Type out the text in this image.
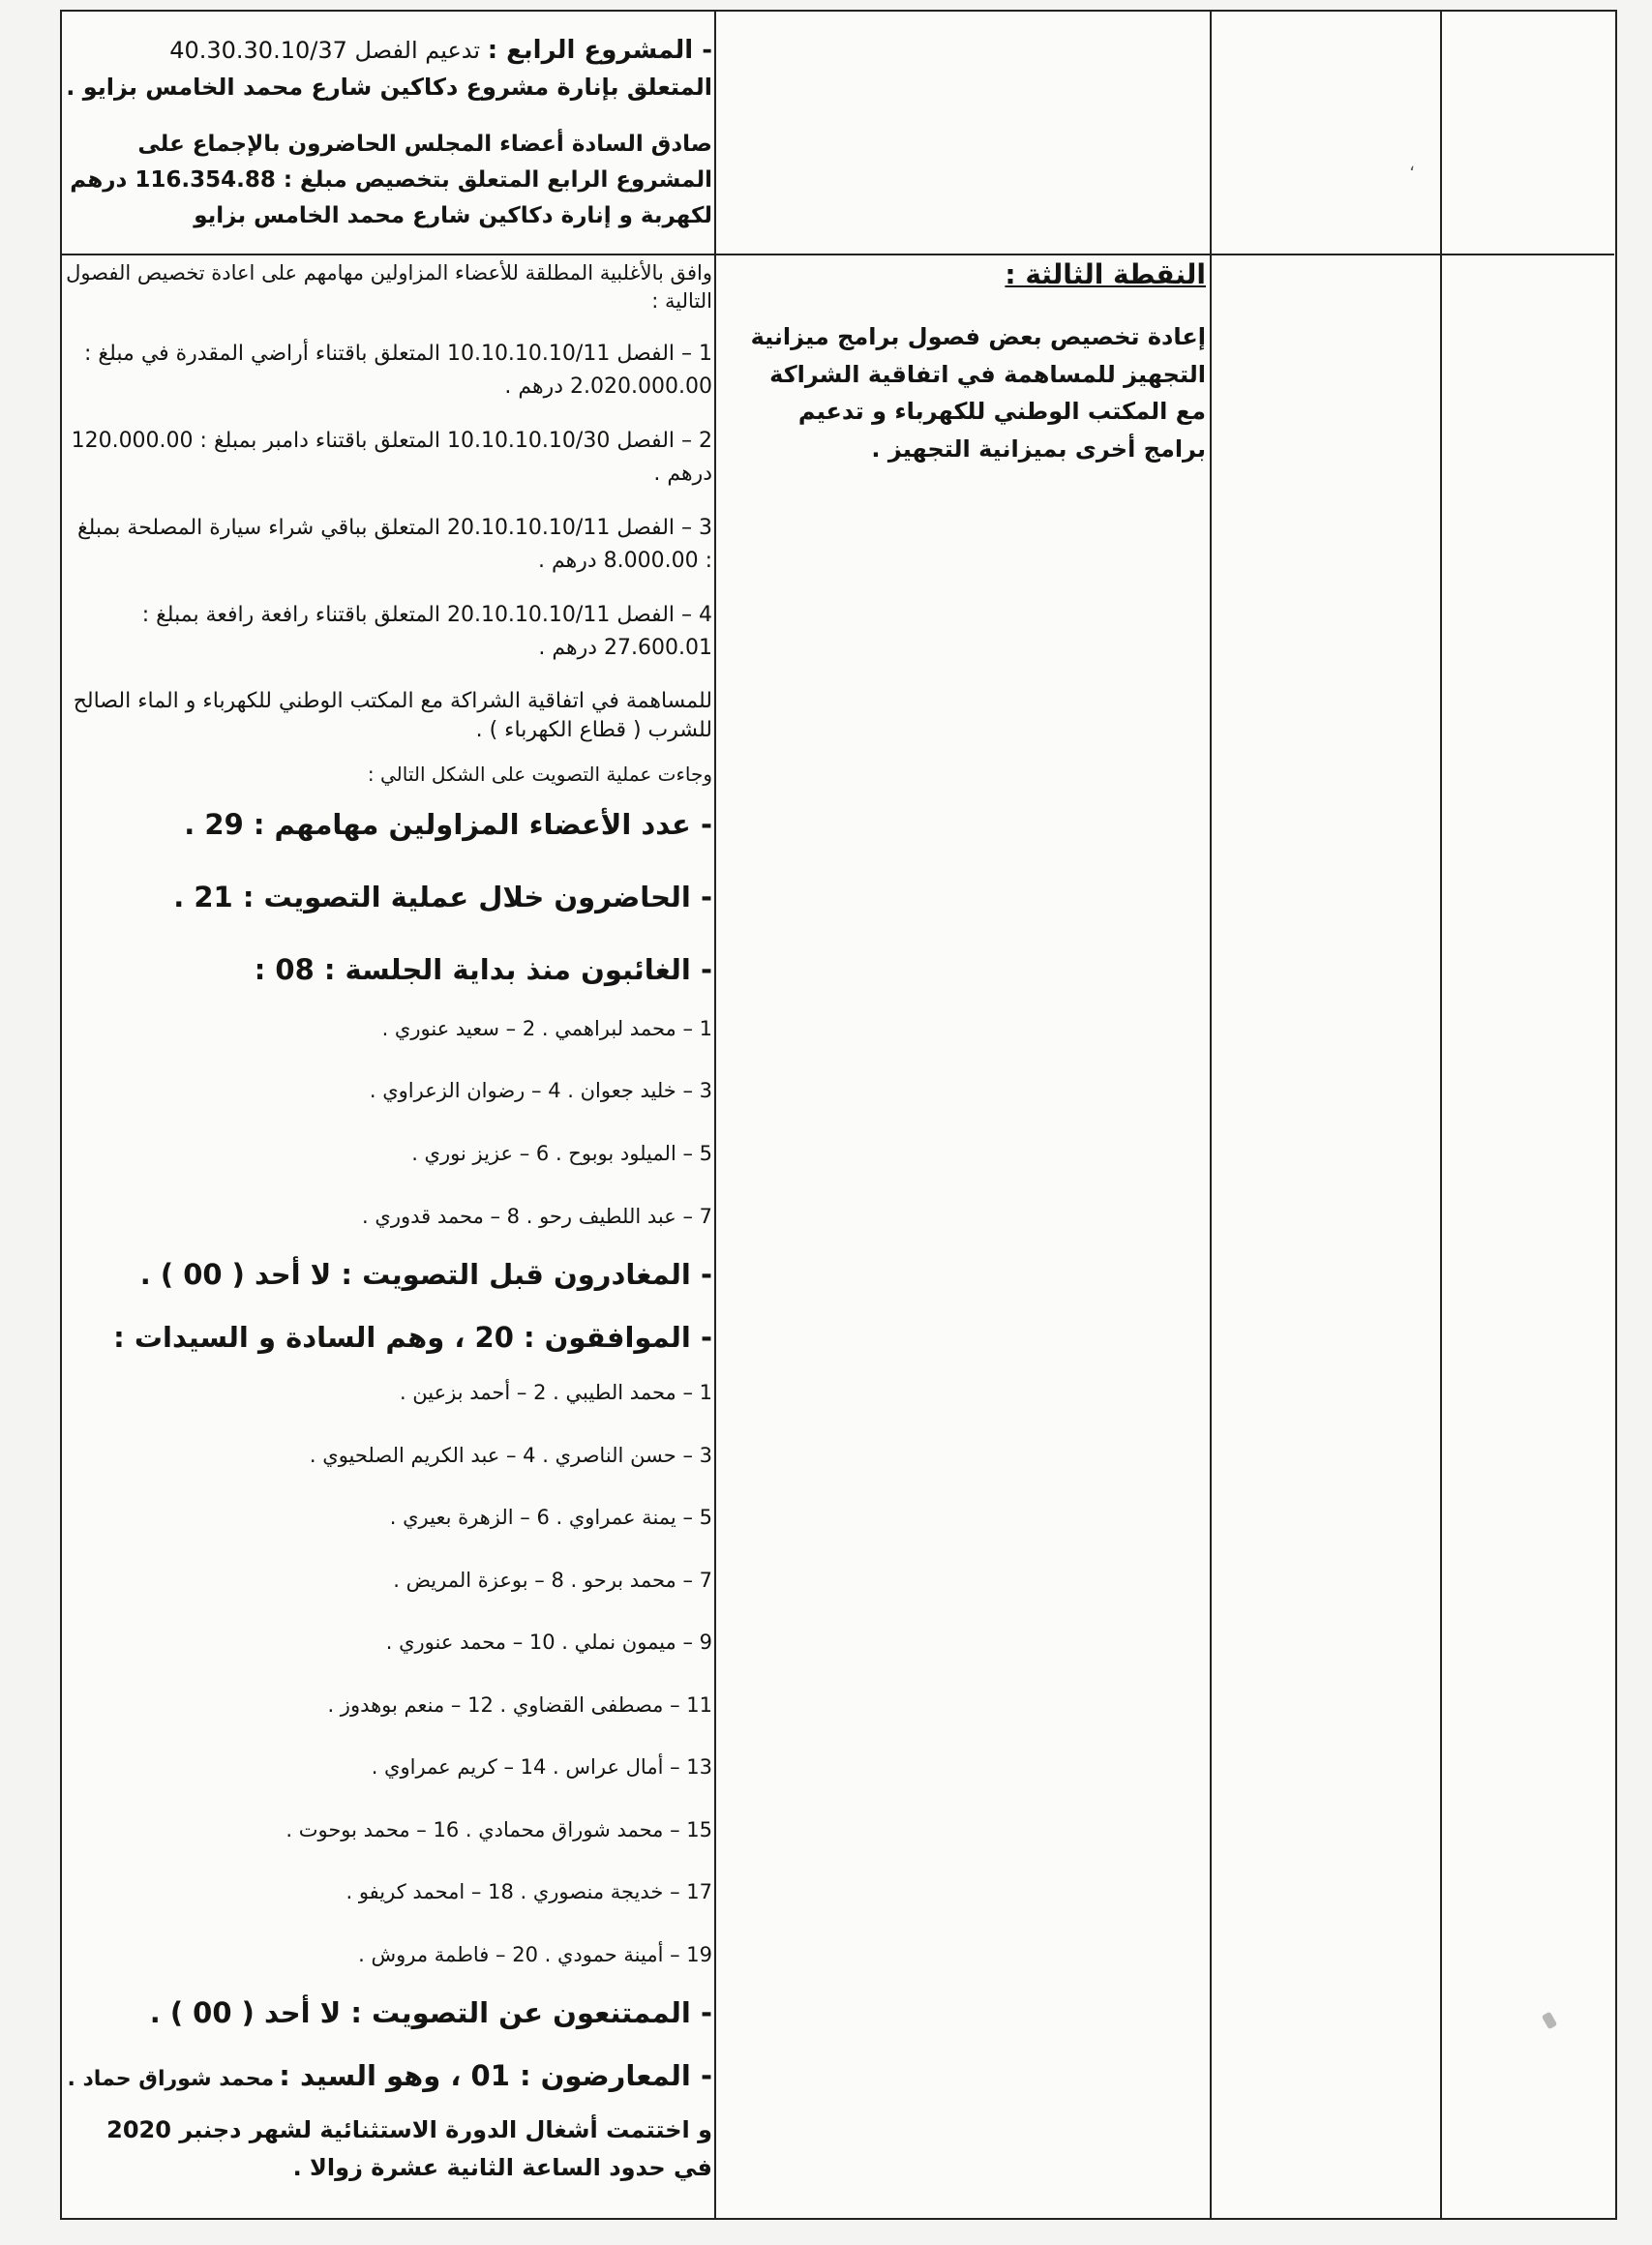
،

- المشروع الرابع : تدعيم الفصل 40.30.30.10/37
المتعلق بإنارة مشروع دكاكين شارع محمد الخامس بزايو .

صادق السادة أعضاء المجلس الحاضرون بالإجماع على المشروع الرابع المتعلق بتخصيص مبلغ : 116.354.88 درهم لكهربة و إنارة دكاكين شارع محمد الخامس بزايو

النقطة الثالثة :

إعادة تخصيص بعض فصول برامج ميزانية التجهيز للمساهمة في اتفاقية الشراكة مع المكتب الوطني للكهرباء و تدعيم برامج أخرى بميزانية التجهيز .

وافق بالأغلبية المطلقة للأعضاء المزاولين مهامهم على اعادة تخصيص الفصول التالية :

1 – الفصل 10.10.10.10/11 المتعلق باقتناء أراضي المقدرة في مبلغ : 2.020.000.00 درهم .

2 – الفصل 10.10.10.10/30 المتعلق باقتناء دامبر بمبلغ : 120.000.00 درهم .

3 – الفصل 20.10.10.10/11 المتعلق بباقي شراء سيارة المصلحة بمبلغ : 8.000.00 درهم .

4 – الفصل 20.10.10.10/11 المتعلق باقتناء رافعة رافعة بمبلغ : 27.600.01 درهم .

للمساهمة في اتفاقية الشراكة مع المكتب الوطني للكهرباء و الماء الصالح للشرب ( قطاع الكهرباء ) .

وجاءت عملية التصويت على الشكل التالي :

- عدد الأعضاء المزاولين مهامهم : 29 .

- الحاضرون خلال عملية التصويت : 21 .

- الغائبون منذ بداية الجلسة : 08 :

1 – محمد لبراهمي . 2 – سعيد عنوري .

3 – خليد جعوان . 4 – رضوان الزعراوي .

5 – الميلود بوبوح . 6 – عزيز نوري .

7 – عبد اللطيف رحو . 8 – محمد قدوري .

- المغادرون قبل التصويت : لا أحد ( 00 ) .

- الموافقون : 20 ، وهم السادة و السيدات :

1 – محمد الطيبي . 2 – أحمد بزعين .

3 – حسن الناصري . 4 – عبد الكريم الصلحيوي .

5 – يمنة عمراوي . 6 – الزهرة بعيري .

7 – محمد برحو . 8 – بوعزة المريض .

9 – ميمون نملي . 10 – محمد عنوري .

11 – مصطفى القضاوي . 12 – منعم بوهدوز .

13 – أمال عراس . 14 – كريم عمراوي .

15 – محمد شوراق محمادي . 16 – محمد بوحوت .

17 – خديجة منصوري . 18 – امحمد كريفو .

19 – أمينة حمودي . 20 – فاطمة مروش .

- الممتنعون عن التصويت : لا أحد ( 00 ) .

- المعارضون : 01 ، وهو السيد : محمد شوراق حماد .

و اختتمت أشغال الدورة الاستثنائية لشهر دجنبر 2020 في حدود الساعة الثانية عشرة زوالا .
